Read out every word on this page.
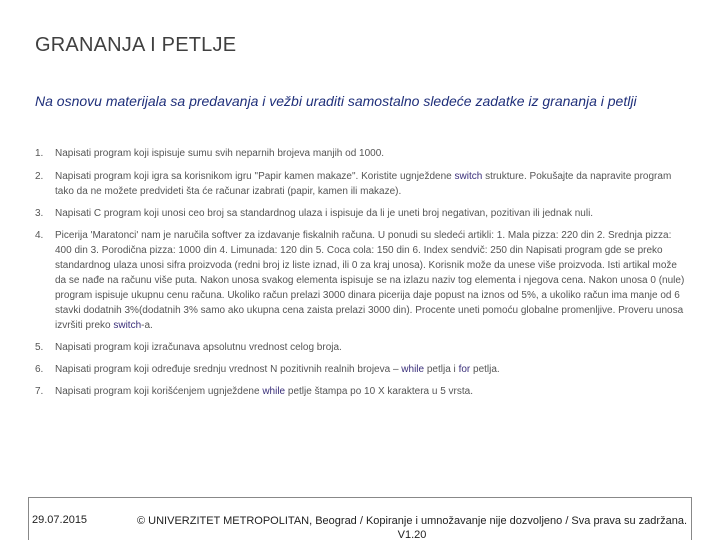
GRANANJA I PETLJE
Na osnovu materijala sa predavanja i vežbi uraditi samostalno sledeće zadatke iz grananja i petlji
1. Napisati program koji ispisuje sumu svih neparnih brojeva manjih od 1000.
2. Napisati program koji igra sa korisnikom igru "Papir kamen makaze". Koristite ugnježdene switch strukture. Pokušajte da napravite program tako da ne možete predvideti šta će računar izabrati (papir, kamen ili makaze).
3. Napisati C program koji unosi ceo broj sa standardnog ulaza i ispisuje da li je uneti broj negativan, pozitivan ili jednak nuli.
4. Picerija 'Maratonci' nam je naručila softver za izdavanje fiskalnih računa. U ponudi su sledeći artikli: 1. Mala pizza: 220 din 2. Srednja pizza: 400 din 3. Porodična pizza: 1000 din 4. Limunada: 120 din 5. Coca cola: 150 din 6. Index sendvič: 250 din Napisati program gde se preko standardnog ulaza unosi sifra proizvoda (redni broj iz liste iznad, ili 0 za kraj unosa). Korisnik može da unese više proizvoda. Isti artikal može da se nađe na računu više puta. Nakon unosa svakog elementa ispisuje se na izlazu naziv tog elementa i njegova cena. Nakon unosa 0 (nule) program ispisuje ukupnu cenu računa. Ukoliko račun prelazi 3000 dinara picerija daje popust na iznos od 5%, a ukoliko račun ima manje od 6 stavki dodatnih 3%(dodatnih 3% samo ako ukupna cena zaista prelazi 3000 din). Procente uneti pomoću globalne promenljive. Proveru unosa izvršiti preko switch-a.
5. Napisati program koji izračunava apsolutnu vrednost celog broja.
6. Napisati program koji određuje srednju vrednost N pozitivnih realnih brojeva – while petlja i for petlja.
7. Napisati program koji korišćenjem ugnježdene while petlje štampa po 10 X karaktera u 5 vrsta.
29.07.2015	© UNIVERZITET METROPOLITAN, Beograd / Kopiranje i umnožavanje nije dozvoljeno / Sva prava su zadržana.
V1.20
